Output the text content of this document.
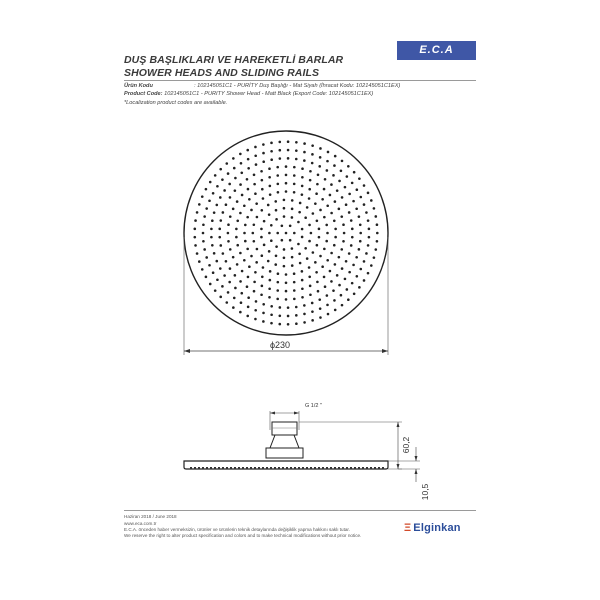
DUŞ BAŞLIKLARI VE HAREKETLİ BARLAR
SHOWER HEADS AND SLIDING RAILS
E.C.A
Ürün Kodu	: 102145051C1 - PURİTY Duş Başlığı - Mat Siyah (İhracat Kodu: 102145051C1EX)
Product Code: 102145051C1 - PURITY Shower Head - Matt Black (Export Code: 102145051C1EX)
*Localization product codes are available.
ϕ230
G 1/2 "
60,2
10,5
Haziran 2018 / June 2018
www.eca.com.tr
E.C.A. önceden haber vermeksizin, ürünler ve ürünlerin teknik detaylarında değişiklik yapma hakkını saklı tutar.
We reserve the right to alter product specification and colors and to make technical modifications without prior notice.
Ξ Elginkan
